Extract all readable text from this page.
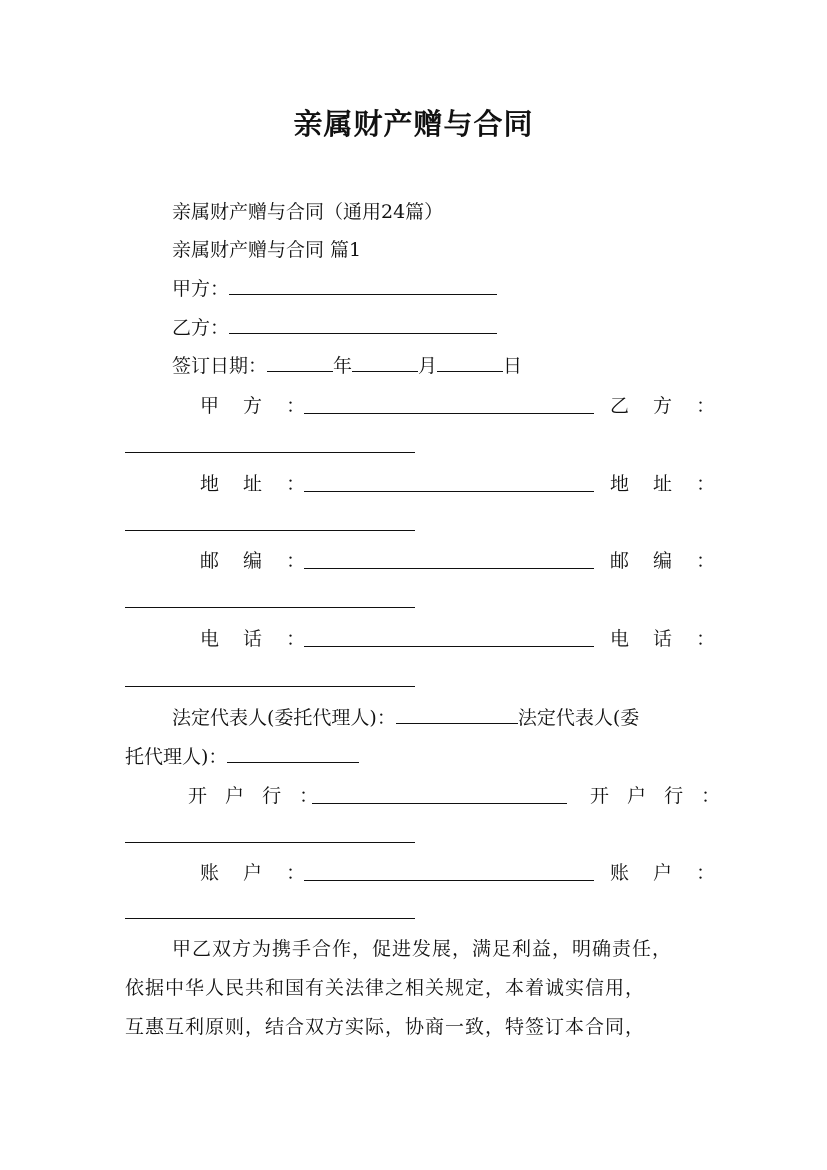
亲属财产赠与合同
亲属财产赠与合同（通用24篇）
亲属财产赠与合同 篇1
甲方：
乙方：
签订日期：	年	月	日
甲 方 ：	乙 方 ：
地 址 ：	地 址 ：
邮 编 ：	邮 编 ：
电 话 ：	电 话 ：
法定代表人(委托代理人)：	法定代表人(委
托代理人)：
开 户 行 ：	开 户 行 ：
账 户 ：	账 户 ：
甲乙双方为携手合作，促进发展，满足利益，明确责任，
依据中华人民共和国有关法律之相关规定，本着诚实信用，
互惠互利原则，结合双方实际，协商一致，特签订本合同，
